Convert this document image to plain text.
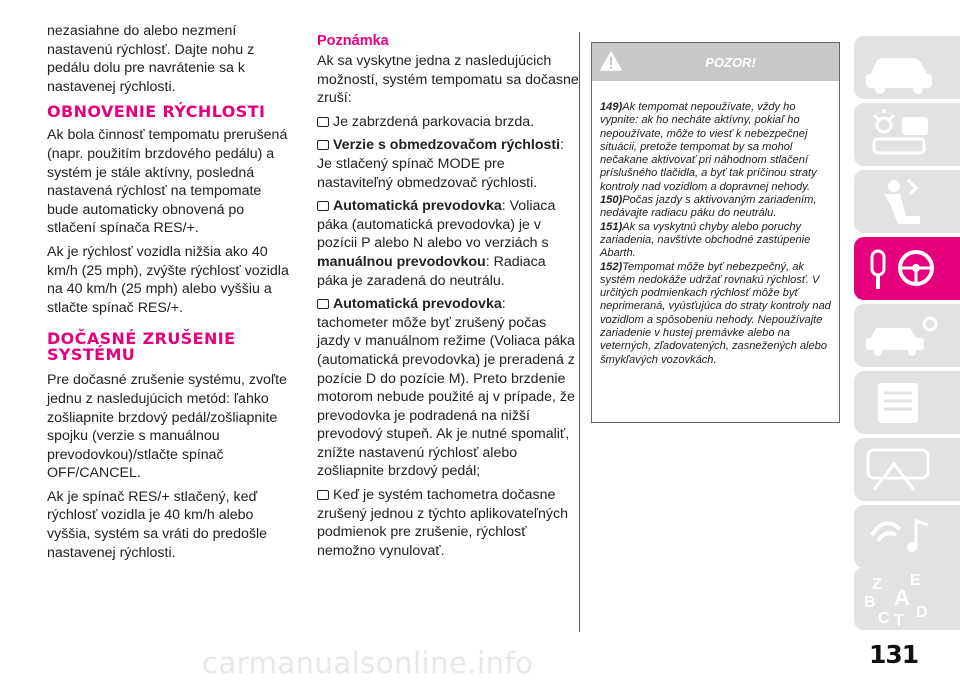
nezasiahne do alebo nezmení nastavenú rýchlosť. Dajte nohu z pedálu dolu pre navrátenie sa k nastavenej rýchlosti.

OBNOVENIE RÝCHLOSTI

Ak bola činnosť tempomatu prerušená (napr. použitím brzdového pedálu) a systém je stále aktívny, posledná nastavená rýchlosť na tempomate bude automaticky obnovená po stlačení spínača RES/+.

Ak je rýchlosť vozidla nižšia ako 40 km/h (25 mph), zvýšte rýchlosť vozidla na 40 km/h (25 mph) alebo vyššiu a stlačte spínač RES/+.

DOČASNÉ ZRUŠENIE
SYSTÉMU

Pre dočasné zrušenie systému, zvoľte jednu z nasledujúcich metód: ľahko zošliapnite brzdový pedál/zošliapnite spojku (verzie s manuálnou prevodovkou)/stlačte spínač OFF/CANCEL.

Ak je spínač RES/+ stlačený, keď rýchlosť vozidla je 40 km/h alebo vyššia, systém sa vráti do predošle nastavenej rýchlosti.

Poznámka

Ak sa vyskytne jedna z nasledujúcich možností, systém tempomatu sa dočasne zruší:

Je zabrzdená parkovacia brzda.

Verzie s obmedzovačom rýchlosti: Je stlačený spínač MODE pre nastaviteľný obmedzovač rýchlosti.

Automatická prevodovka: Voliaca páka (automatická prevodovka) je v pozícii P alebo N alebo vo verziách s manuálnou prevodovkou: Radiaca páka je zaradená do neutrálu.

Automatická prevodovka: tachometer môže byť zrušený počas jazdy v manuálnom režime (Voliaca páka (automatická prevodovka) je preradená z pozície D do pozície M). Preto brzdenie motorom nebude použité aj v prípade, že prevodovka je podradená na nižší prevodový stupeň. Ak je nutné spomaliť, znížte nastavenú rýchlosť alebo zošliapnite brzdový pedál;

Keď je systém tachometra dočasne zrušený jednou z týchto aplikovateľných podmienok pre zrušenie, rýchlosť nemožno vynulovať.

POZOR!

149)Ak tempomat nepoužívate, vždy ho vypnite: ak ho necháte aktívny, pokiaľ ho nepoužívate, môže to viesť k nebezpečnej situácii, pretože tempomat by sa mohol nečakane aktivovať pri náhodnom stlačení príslušného tlačidla, a byť tak príčinou straty kontroly nad vozidlom a dopravnej nehody.

150)Počas jazdy s aktivovaným zariadením, nedávajte radiacu páku do neutrálu.

151)Ak sa vyskytnú chyby alebo poruchy zariadenia, navštívte obchodné zastúpenie Abarth.

152)Tempomat môže byť nebezpečný, ak systém nedokáže udržať rovnakú rýchlosť. V určitých podmienkach rýchlosť môže byť neprimeraná, vyúsťujúca do straty kontroly nad vozidlom a spôsobeniu nehody. Nepoužívajte zariadenie v hustej premávke alebo na veterných, zľadovatených, zasnežených alebo šmykľavých vozovkách.

Z E
B
C T D
A
131
carmanualsonline.info
